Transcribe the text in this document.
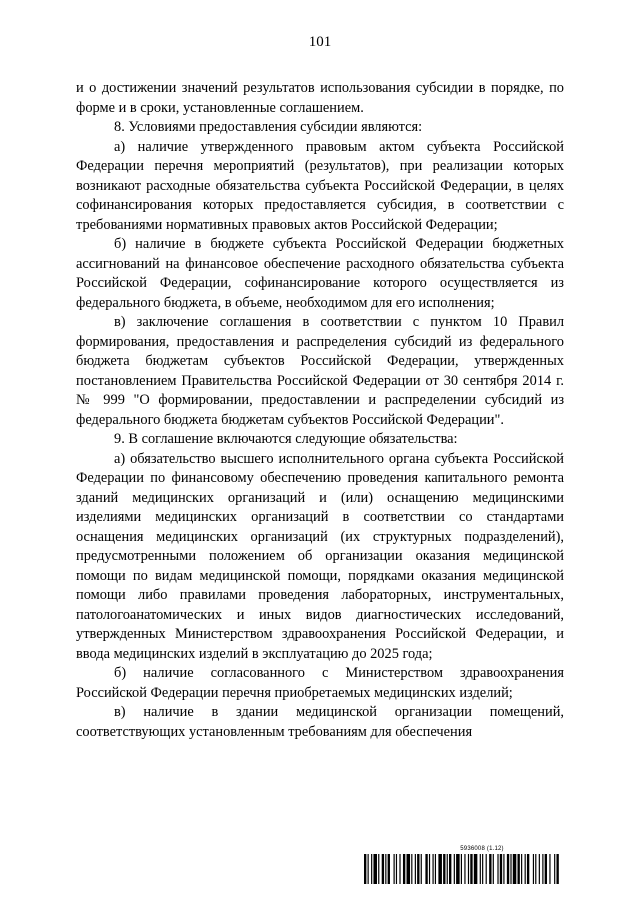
101

и о достижении значений результатов использования субсидии в порядке, по форме и в сроки, установленные соглашением.

8. Условиями предоставления субсидии являются:

а) наличие утвержденного правовым актом субъекта Российской Федерации перечня мероприятий (результатов), при реализации которых возникают расходные обязательства субъекта Российской Федерации, в целях софинансирования которых предоставляется субсидия, в соответствии с требованиями нормативных правовых актов Российской Федерации;

б) наличие в бюджете субъекта Российской Федерации бюджетных ассигнований на финансовое обеспечение расходного обязательства субъекта Российской Федерации, софинансирование которого осуществляется из федерального бюджета, в объеме, необходимом для его исполнения;

в) заключение соглашения в соответствии с пунктом 10 Правил формирования, предоставления и распределения субсидий из федерального бюджета бюджетам субъектов Российской Федерации, утвержденных постановлением Правительства Российской Федерации от 30 сентября 2014 г. № 999 "О формировании, предоставлении и распределении субсидий из федерального бюджета бюджетам субъектов Российской Федерации".

9. В соглашение включаются следующие обязательства:

а) обязательство высшего исполнительного органа субъекта Российской Федерации по финансовому обеспечению проведения капитального ремонта зданий медицинских организаций и (или) оснащению медицинскими изделиями медицинских организаций в соответствии со стандартами оснащения медицинских организаций (их структурных подразделений), предусмотренными положением об организации оказания медицинской помощи по видам медицинской помощи, порядками оказания медицинской помощи либо правилами проведения лабораторных, инструментальных, патологоанатомических и иных видов диагностических исследований, утвержденных Министерством здравоохранения Российской Федерации, и ввода медицинских изделий в эксплуатацию до 2025 года;

б) наличие согласованного с Министерством здравоохранения Российской Федерации перечня приобретаемых медицинских изделий;

в) наличие в здании медицинской организации помещений, соответствующих установленным требованиям для обеспечения

5936008 (1.12)
